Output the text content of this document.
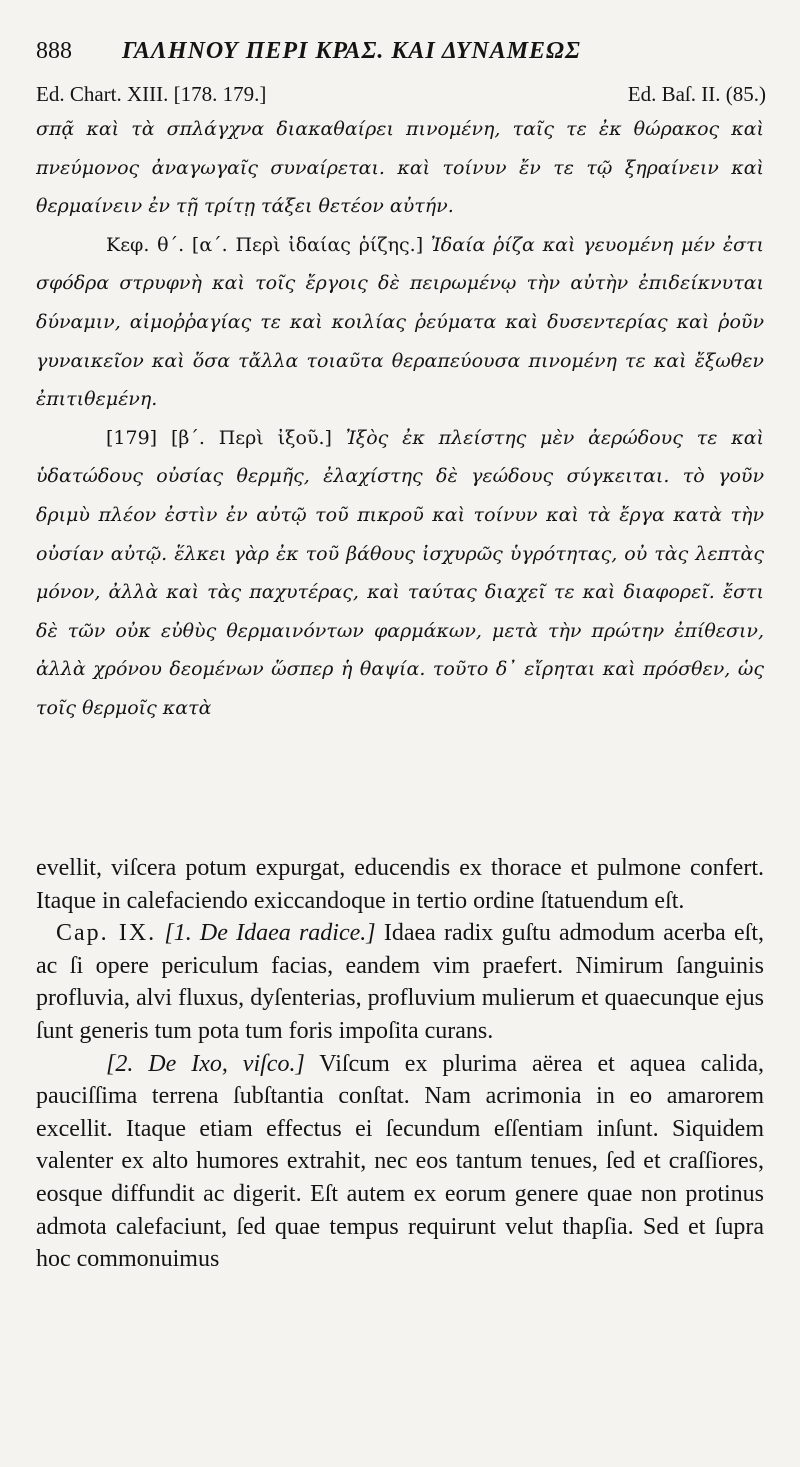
888 ΓΑΛΗΝΟΥ ΠΕΡΙ ΚΡΑΣ. ΚΑΙ ΔΥΝΑΜΕΩΣ
Ed. Chart. XIII. [178. 179.]	Ed. Baſ. II. (85.)

σπᾷ καὶ τὰ σπλάγχνα διακαθαίρει πινομένη, ταῖς τε ἐκ θώρακος καὶ πνεύμονος ἀναγωγαῖς συναίρεται. καὶ τοίνυν ἔν τε τῷ ξηραίνειν καὶ θερμαίνειν ἐν τῇ τρίτῃ τάξει θετέον αὐτήν.

Κεφ. θ΄. [α΄. Περὶ ἰδαίας ῥίζης.] Ἰδαία ῥίζα καὶ γευομένη μέν ἐστι σφόδρα στρυφνὴ καὶ τοῖς ἔργοις δὲ πειρωμένῳ τὴν αὐτὴν ἐπιδείκνυται δύναμιν, αἱμοῤῥαγίας τε καὶ κοιλίας ῥεύματα καὶ δυσεντερίας καὶ ῥοῦν γυναικεῖον καὶ ὅσα τἄλλα τοιαῦτα θεραπεύουσα πινομένη τε καὶ ἔξωθεν ἐπιτιθεμένη.

[179] [β΄. Περὶ ἰξοῦ.] Ἰξὸς ἐκ πλείστης μὲν ἀερώδους τε καὶ ὑδατώδους οὐσίας θερμῆς, ἐλαχίστης δὲ γεώδους σύγκειται. τὸ γοῦν δριμὺ πλέον ἐστὶν ἐν αὐτῷ τοῦ πικροῦ καὶ τοίνυν καὶ τὰ ἔργα κατὰ τὴν οὐσίαν αὐτῷ. ἕλκει γὰρ ἐκ τοῦ βάθους ἰσχυρῶς ὑγρότητας, οὐ τὰς λεπτὰς μόνον, ἀλλὰ καὶ τὰς παχυτέρας, καὶ ταύτας διαχεῖ τε καὶ διαφορεῖ. ἔστι δὲ τῶν οὐκ εὐθὺς θερμαινόντων φαρμάκων, μετὰ τὴν πρώτην ἐπίθεσιν, ἀλλὰ χρόνου δεομένων ὥσπερ ἡ θαψία. τοῦτο δ᾽ εἴρηται καὶ πρόσθεν, ὡς τοῖς θερμοῖς κατὰ

evellit, viſcera potum expurgat, educendis ex thorace et pulmone confert. Itaque in calefaciendo exiccandoque in tertio ordine ſtatuendum eſt.

Cap. IX. [1. De Idaea radice.] Idaea radix guſtu admodum acerba eſt, ac ſi opere periculum facias, eandem vim praefert. Nimirum ſanguinis profluvia, alvi fluxus, dyſenterias, profluvium mulierum et quaecunque ejus ſunt generis tum pota tum foris impoſita curans.

[2. De Ixo, viſco.] Viſcum ex plurima aërea et aquea calida, pauciſſima terrena ſubſtantia conſtat. Nam acrimonia in eo amarorem excellit. Itaque etiam effectus ei ſecundum eſſentiam inſunt. Siquidem valenter ex alto humores extrahit, nec eos tantum tenues, ſed et craſſiores, eosque diffundit ac digerit. Eſt autem ex eorum genere quae non protinus admota calefaciunt, ſed quae tempus requirunt velut thapſia. Sed et ſupra hoc commonuimus
